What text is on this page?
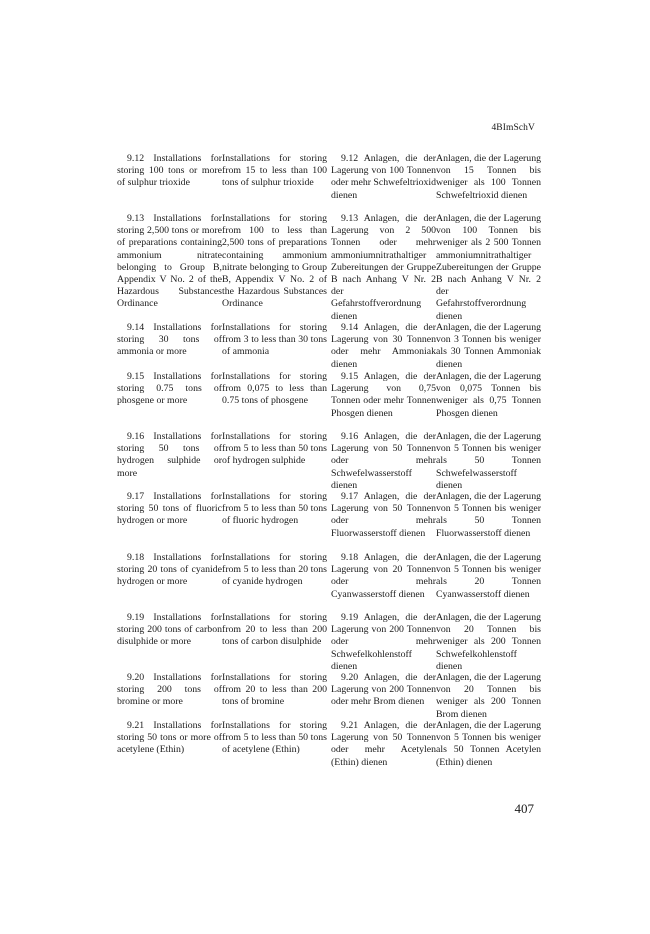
4BImSchV
9.12 Installations for storing 100 tons or more of sulphur trioxide
Installations for storing from 15 to less than 100 tons of sulphur trioxide
9.12 Anlagen, die der Lagerung von 100 Tonnen oder mehr Schwefeltrioxid dienen
Anlagen, die der Lagerung von 15 Tonnen bis weniger als 100 Tonnen Schwefeltrioxid dienen
9.13 Installations for storing 2,500 tons or more of preparations containing ammonium nitrate belonging to Group B, Appendix V No. 2 of the Hazardous Substances Ordinance
Installations for storing from 100 to less than 2,500 tons of preparations containing ammonium nitrate belonging to Group B, Appendix V No. 2 of the Hazardous Substances Ordinance
9.13 Anlagen, die der Lagerung von 2 500 Tonnen oder mehr ammoniumnitrathaltiger Zubereitungen der Gruppe B nach Anhang V Nr. 2 der Gefahrstoffverordnung dienen
Anlagen, die der Lagerung von 100 Tonnen bis weniger als 2 500 Tonnen ammoniumnitrathaltiger Zubereitungen der Gruppe B nach Anhang V Nr. 2 der Gefahrstoffverordnung dienen
9.14 Installations for storing 30 tons of ammonia or more
Installations for storing from 3 to less than 30 tons of ammonia
9.14 Anlagen, die der Lagerung von 30 Tonnen oder mehr Ammoniak dienen
Anlagen, die der Lagerung von 3 Tonnen bis weniger als 30 Tonnen Ammoniak dienen
9.15 Installations for storing 0.75 tons of phosgene or more
Installations for storing from 0,075 to less than 0.75 tons of phosgene
9.15 Anlagen, die der Lagerung von 0,75 Tonnen oder mehr Tonnen Phosgen dienen
Anlagen, die der Lagerung von 0,075 Tonnen bis weniger als 0,75 Tonnen Phosgen dienen
9.16 Installations for storing 50 tons of hydrogen sulphide or more
Installations for storing from 5 to less than 50 tons of hydrogen sulphide
9.16 Anlagen, die der Lagerung von 50 Tonnen oder mehr Schwefelwasserstoff dienen
Anlagen, die der Lagerung von 5 Tonnen bis weniger als 50 Tonnen Schwefelwasserstoff dienen
9.17 Installations for storing 50 tons of fluoric hydrogen or more
Installations for storing from 5 to less than 50 tons of fluoric hydrogen
9.17 Anlagen, die der Lagerung von 50 Tonnen oder mehr Fluorwasserstoff dienen
Anlagen, die der Lagerung von 5 Tonnen bis weniger als 50 Tonnen Fluorwasserstoff dienen
9.18 Installations for storing 20 tons of cyanide hydrogen or more
Installations for storing from 5 to less than 20 tons of cyanide hydrogen
9.18 Anlagen, die der Lagerung von 20 Tonnen oder mehr Cyanwasserstoff dienen
Anlagen, die der Lagerung von 5 Tonnen bis weniger als 20 Tonnen Cyanwasserstoff dienen
9.19 Installations for storing 200 tons of carbon disulphide or more
Installations for storing from 20 to less than 200 tons of carbon disulphide
9.19 Anlagen, die der Lagerung von 200 Tonnen oder mehr Schwefelkohlenstoff dienen
Anlagen, die der Lagerung von 20 Tonnen bis weniger als 200 Tonnen Schwefelkohlenstoff dienen
9.20 Installations for storing 200 tons of bromine or more
Installations for storing from 20 to less than 200 tons of bromine
9.20 Anlagen, die der Lagerung von 200 Tonnen oder mehr Brom dienen
Anlagen, die der Lagerung von 20 Tonnen bis weniger als 200 Tonnen Brom dienen
9.21 Installations for storing 50 tons or more of acetylene (Ethin)
Installations for storing from 5 to less than 50 tons of acetylene (Ethin)
9.21 Anlagen, die der Lagerung von 50 Tonnen oder mehr Acetylen (Ethin) dienen
Anlagen, die der Lagerung von 5 Tonnen bis weniger als 50 Tonnen Acetylen (Ethin) dienen
407
